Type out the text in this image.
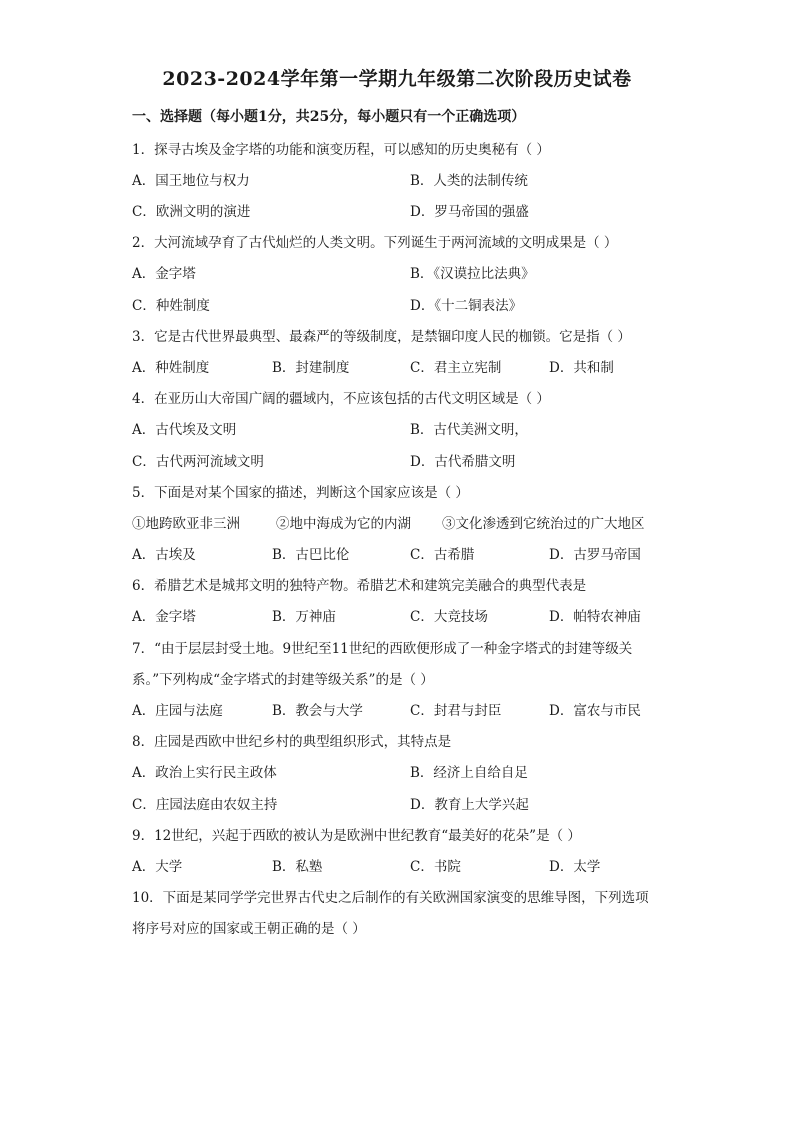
2023-2024学年第一学期九年级第二次阶段历史试卷
一、选择题（每小题1分，共25分，每小题只有一个正确选项）
1．探寻古埃及金字塔的功能和演变历程，可以感知的历史奥秘有（ ）
A．国王地位与权力	B．人类的法制传统
C．欧洲文明的演进	D．罗马帝国的强盛
2．大河流域孕育了古代灿烂的人类文明。下列诞生于两河流域的文明成果是（ ）
A．金字塔	B．《汉谟拉比法典》
C．种姓制度	D．《十二铜表法》
3．它是古代世界最典型、最森严的等级制度，是禁锢印度人民的枷锁。它是指（ ）
A．种姓制度	B．封建制度	C．君主立宪制	D．共和制
4．在亚历山大帝国广阔的疆域内，不应该包括的古代文明区域是（ ）
A．古代埃及文明	B．古代美洲文明，
C．古代两河流域文明	D．古代希腊文明
5．下面是对某个国家的描述，判断这个国家应该是（ ）
①地跨欧亚非三洲	②地中海成为它的内湖 ③文化渗透到它统治过的广大地区
A．古埃及	B．古巴比伦	C．古希腊	D．古罗马帝国
6．希腊艺术是城邦文明的独特产物。希腊艺术和建筑完美融合的典型代表是
A．金字塔	B．万神庙	C．大竞技场	D．帕特农神庙
7．“由于层层封受土地。9世纪至11世纪的西欧便形成了一种金字塔式的封建等级关
系。”下列构成“金字塔式的封建等级关系”的是（ ）
A．庄园与法庭	B．教会与大学	C．封君与封臣	D．富农与市民
8．庄园是西欧中世纪乡村的典型组织形式，其特点是
A．政治上实行民主政体	B．经济上自给自足
C．庄园法庭由农奴主持	D．教育上大学兴起
9．12世纪，兴起于西欧的被认为是欧洲中世纪教育“最美好的花朵”是（ ）
A．大学	B．私塾	C．书院	D．太学
10．下面是某同学学完世界古代史之后制作的有关欧洲国家演变的思维导图，下列选项
将序号对应的国家或王朝正确的是（ ）
